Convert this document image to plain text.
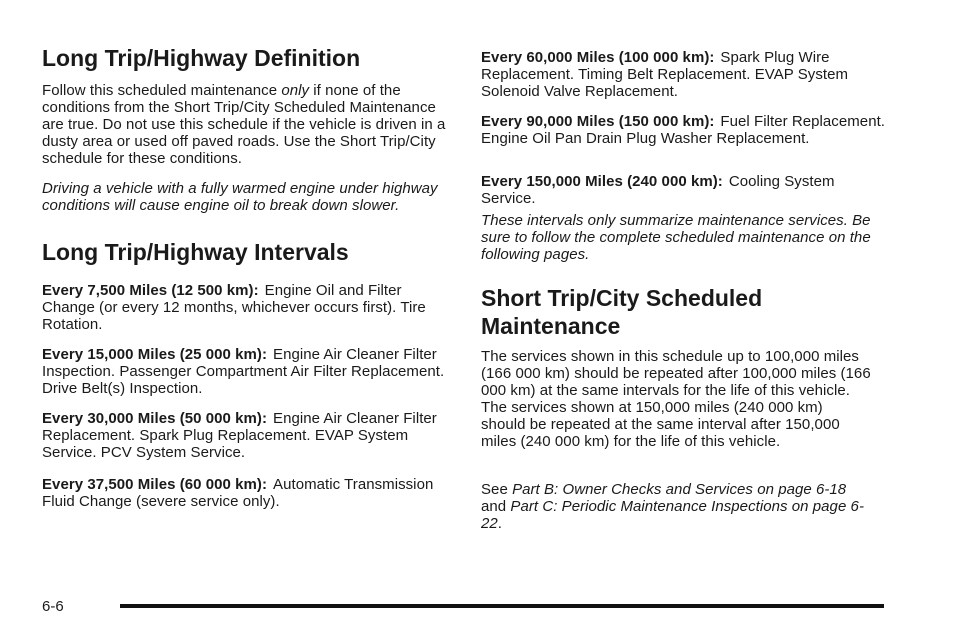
Long Trip/Highway Definition

Follow this scheduled maintenance only if none of the conditions from the Short Trip/City Scheduled Maintenance are true. Do not use this schedule if the vehicle is driven in a dusty area or used off paved roads. Use the Short Trip/City schedule for these conditions.

Driving a vehicle with a fully warmed engine under highway conditions will cause engine oil to break down slower.

Long Trip/Highway Intervals

Every 7,500 Miles (12 500 km): Engine Oil and Filter Change (or every 12 months, whichever occurs first). Tire Rotation.

Every 15,000 Miles (25 000 km): Engine Air Cleaner Filter Inspection. Passenger Compartment Air Filter Replacement. Drive Belt(s) Inspection.

Every 30,000 Miles (50 000 km): Engine Air Cleaner Filter Replacement. Spark Plug Replacement. EVAP System Service. PCV System Service.

Every 37,500 Miles (60 000 km): Automatic Transmission Fluid Change (severe service only).

Every 60,000 Miles (100 000 km): Spark Plug Wire Replacement. Timing Belt Replacement. EVAP System Solenoid Valve Replacement.

Every 90,000 Miles (150 000 km): Fuel Filter Replacement. Engine Oil Pan Drain Plug Washer Replacement.

Every 150,000 Miles (240 000 km): Cooling System Service.

These intervals only summarize maintenance services. Be sure to follow the complete scheduled maintenance on the following pages.

Short Trip/City Scheduled
Maintenance

The services shown in this schedule up to 100,000 miles (166 000 km) should be repeated after 100,000 miles (166 000 km) at the same intervals for the life of this vehicle. The services shown at 150,000 miles (240 000 km) should be repeated at the same interval after 150,000 miles (240 000 km) for the life of this vehicle.

See Part B: Owner Checks and Services on page 6-18 and Part C: Periodic Maintenance Inspections on page 6-22.

6-6
